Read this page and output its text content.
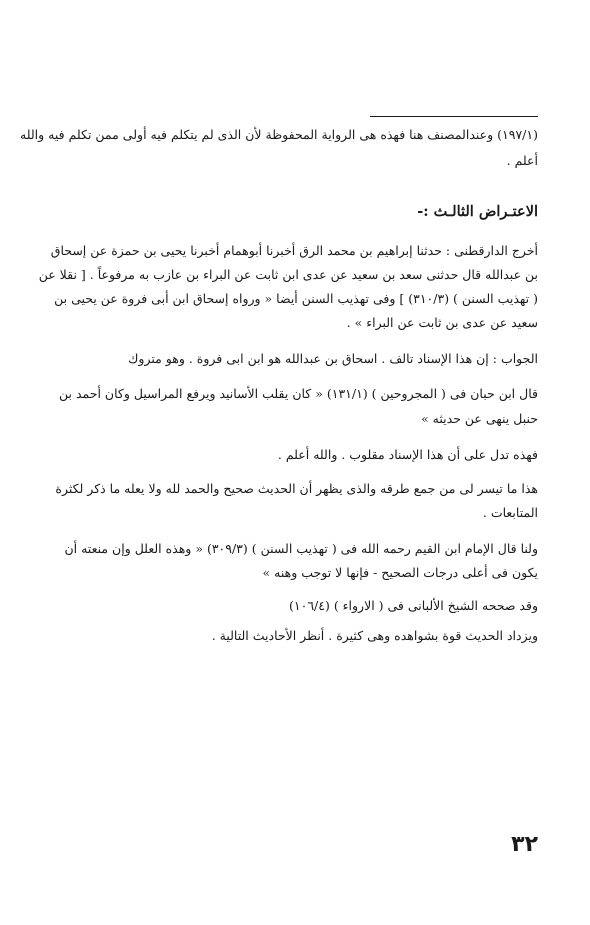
(١٩٧/١) وعندالمصنف هنا فهذه هى الرواية المحفوظة لأن الذى لم يتكلم فيه أولى ممن تكلم فيه والله
أعلم .
الاعتـراض الثالـث :-
أخرج الدارقطنى : حدثنا إبراهيم بن محمد الرق أخبرنا أبوهمام أخبرنا يحيى بن حمزة عن إسحاق
بن عبدالله قال حدثنى سعد بن سعيد عن عدى ابن ثابت عن البراء بن عازب به مرفوعاً . [ نقلا عن
( تهذيب السنن ) (٣١٠/٣) ] وفى تهذيب السنن أيضا « ورواه إسحاق ابن أبى فروة عن يحيى بن
سعيد عن عدى بن ثابت عن البراء » .
الجواب : إن هذا الإسناد تالف . اسحاق بن عبدالله هو ابن ابى فروة . وهو متروك
قال ابن حبان فى ( المجروحين ) (١٣١/١) « كان يقلب الأسانيد ويرفع المراسيل وكان أحمد بن
حنبل ينهى عن حديثه »
فهذه تدل على أن هذا الإسناد مقلوب . والله أعلم .
هذا ما تيسر لى من جمع طرقه والذى يظهر أن الحديث صحيح والحمد لله ولا يعله ما ذكر لكثرة
المتابعات .
ولنا قال الإمام ابن القيم رحمه الله فى ( تهذيب السنن ) (٣٠٩/٣) « وهذه العلل وإن منعته أن
يكون فى أعلى درجات الصحيح - فإنها لا توجب وهنه »
وقد صححه الشيخ الألبانى فى ( الارواء ) (١٠٦/٤)
ويزداد الحديث قوة بشواهده وهى كثيرة . أنظر الأحاديث التالية .
٣٢
